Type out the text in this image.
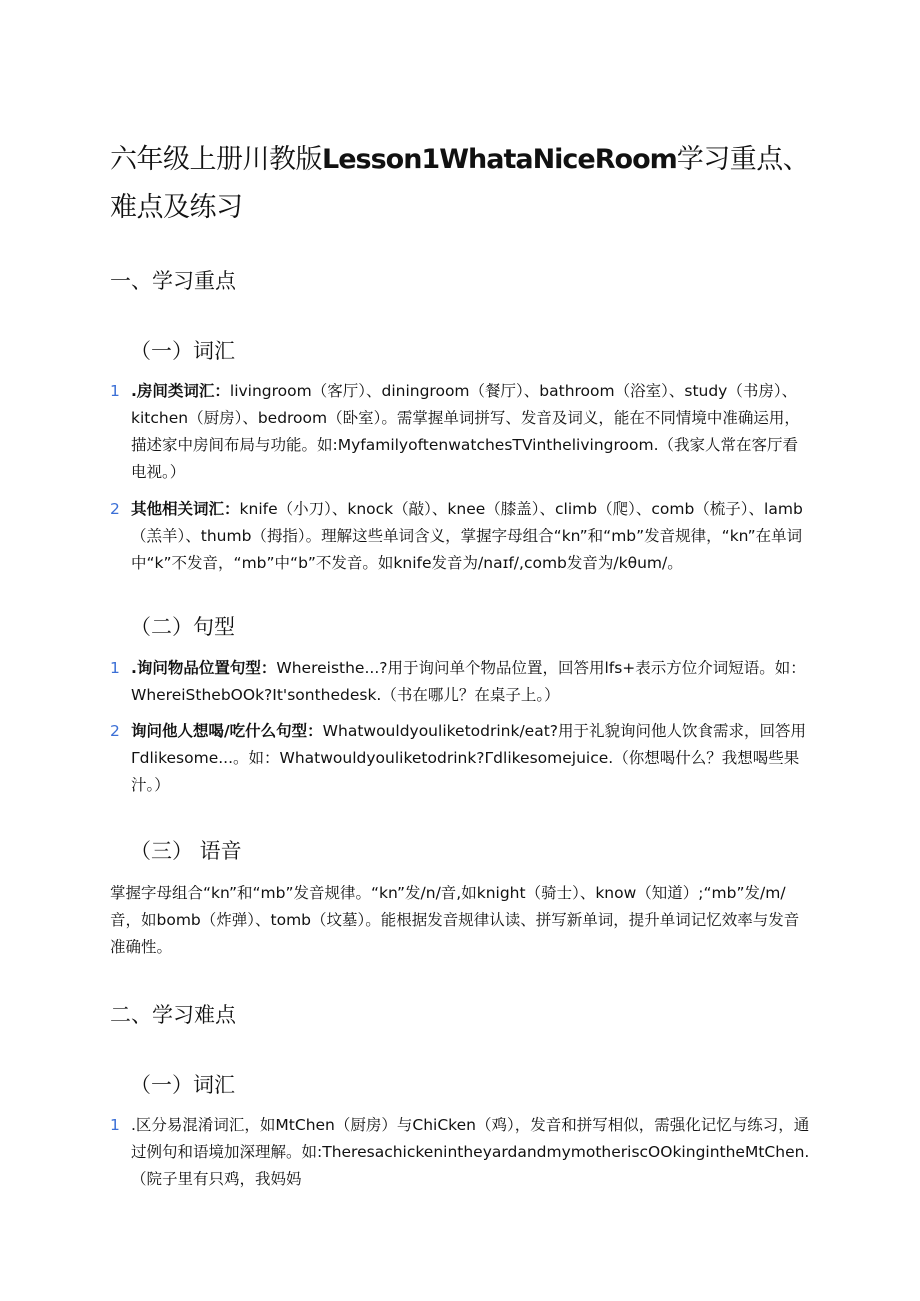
六年级上册川教版Lesson1WhataNiceRoom学习重点、难点及练习
一、学习重点
（一）词汇
1 .房间类词汇：livingroom（客厅）、diningroom（餐厅）、bathroom（浴室）、study（书房）、kitchen（厨房）、bedroom（卧室）。需掌握单词拼写、发音及词义，能在不同情境中准确运用，描述家中房间布局与功能。如:MyfamilyoftenwatchesTVinthelivingroom.（我家人常在客厅看电视。）
2 其他相关词汇：knife（小刀）、knock（敲）、knee（膝盖）、climb（爬）、comb（梳子）、lamb（羔羊）、thumb（拇指）。理解这些单词含义，掌握字母组合“kn”和“mb”发音规律，“kn”在单词中“k”不发音，“mb”中“b”不发音。如knife发音为∕naɪf∕,comb发音为∕kθum∕。
（二）句型
1 .询问物品位置句型：Whereisthe...?用于询问单个物品位置，回答用lfs+表示方位介词短语。如：WhereiSthebOOk?It'sonthedesk.（书在哪儿？在桌子上。）
2 询问他人想喝/吃什么句型：Whatwouldyouliketodrink/eat?用于礼貌询问他人饮食需求，回答用Γdlikesome...。如：Whatwouldyouliketodrink?Γdlikesomejuice.（你想喝什么？我想喝些果汁。）
（三） 语音
掌握字母组合“kn”和“mb”发音规律。“kn”发∕n∕音,如knight（骑士）、know（知道）;“mb”发∕m∕音，如bomb（炸弹）、tomb（坟墓）。能根据发音规律认读、拼写新单词，提升单词记忆效率与发音准确性。
二、学习难点
（一）词汇
1 .区分易混淆词汇，如MtChen（厨房）与ChiCken（鸡），发音和拼写相似，需强化记忆与练习，通过例句和语境加深理解。如:TheresachickenintheyardandmymotheriscOOkingintheMtChen.（院子里有只鸡，我妈妈
